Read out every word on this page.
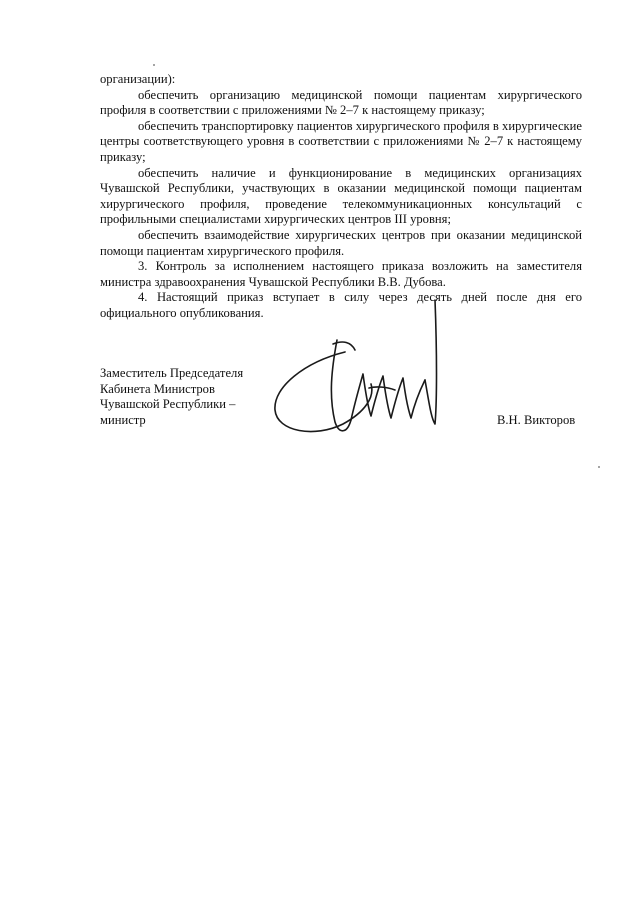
организации):

обеспечить организацию медицинской помощи пациентам хирургического профиля в соответствии с приложениями № 2–7 к настоящему приказу;

обеспечить транспортировку пациентов хирургического профиля в хирургические центры соответствующего уровня в соответствии с приложениями № 2–7 к настоящему приказу;

обеспечить наличие и функционирование в медицинских организациях Чувашской Республики, участвующих в оказании медицинской помощи пациентам хирургического профиля, проведение телекоммуникационных консультаций с профильными специалистами хирургических центров III уровня;

обеспечить взаимодействие хирургических центров при оказании медицинской помощи пациентам хирургического профиля.

3. Контроль за исполнением настоящего приказа возложить на заместителя министра здравоохранения Чувашской Республики В.В. Дубова.

4. Настоящий приказ вступает в силу через десять дней после дня его официального опубликования.

Заместитель Председателя
Кабинета Министров
Чувашской Республики –
министр	В.Н. Викторов
